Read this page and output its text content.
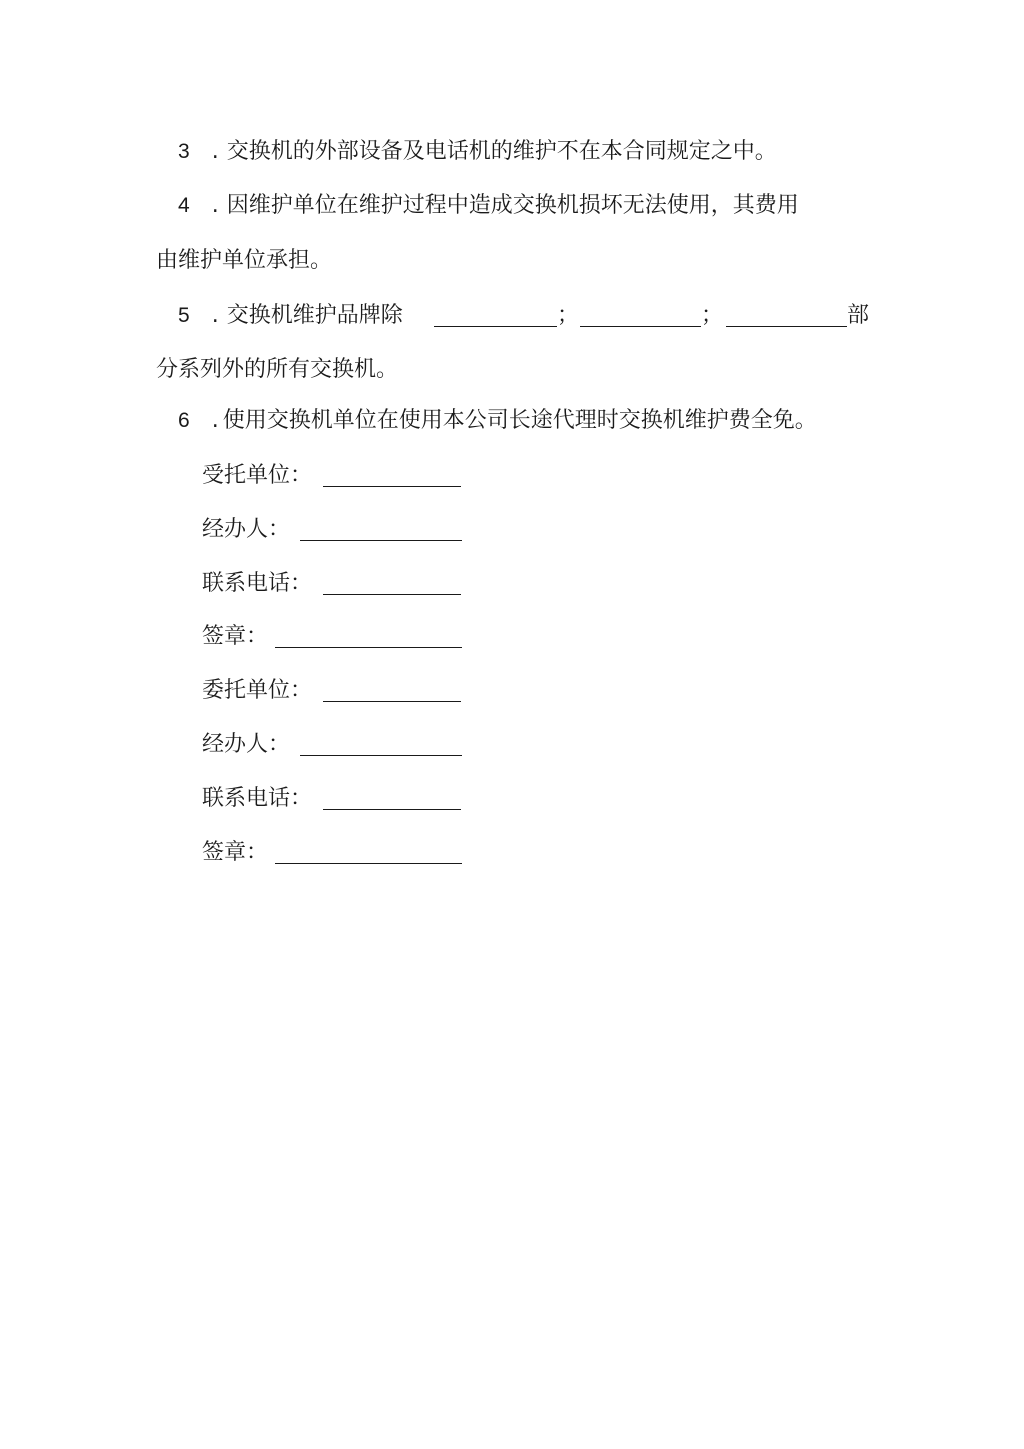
3 . 交换机的外部设备及电话机的维护不在本合同规定之中。
4 . 因维护单位在维护过程中造成交换机损坏无法使用，其费用
由维护单位承担。
5 . 交换机维护品牌除	；	；	部
分系列外的所有交换机。
6 . 使用交换机单位在使用本公司长途代理时交换机维护费全免。
受托单位：
经办人：
联系电话：
签章：
委托单位：
经办人：
联系电话：
签章：
